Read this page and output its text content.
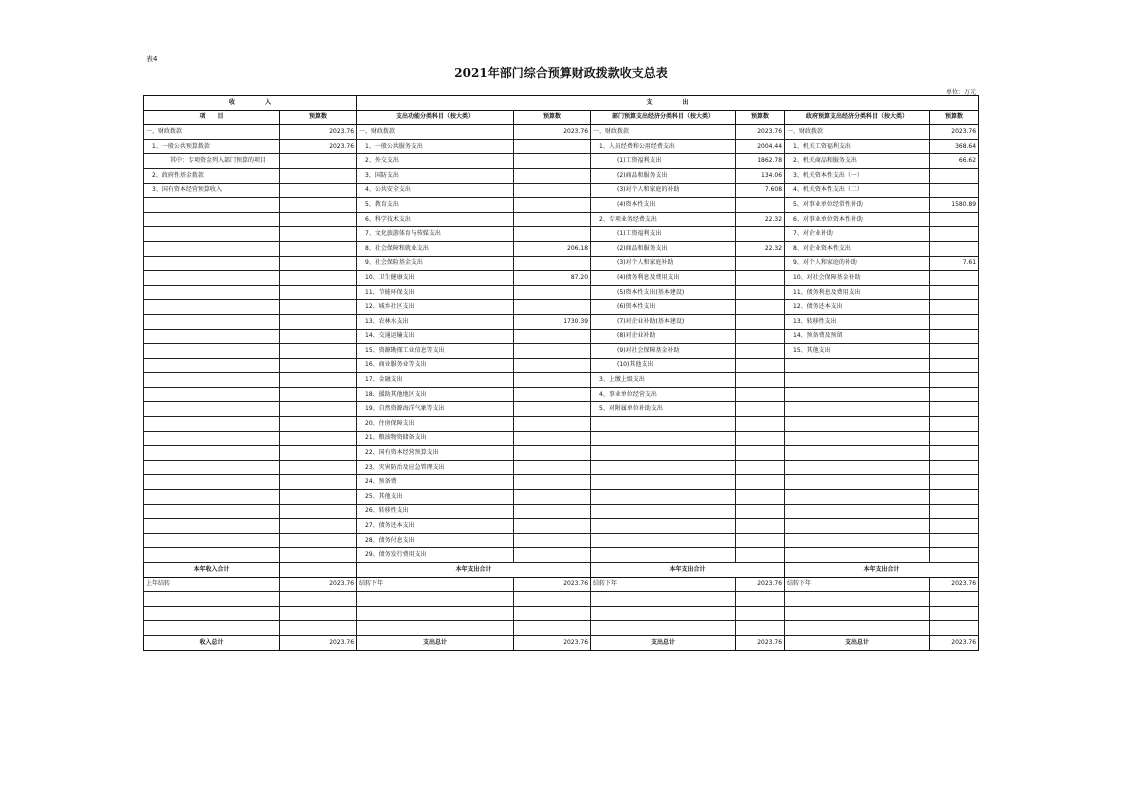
表4
2021年部门综合预算财政拨款收支总表
单位：万元
收　　　　　入		支　　　　　出					
项　　目	预算数	支出功能分类科目（按大类）	预算数	部门预算支出经济分类科目（按大类）	预算数	政府预算支出经济分类科目（按大类）	预算数
一、财政拨款	2023.76	一、财政拨款	2023.76	一、财政拨款	2023.76	一、财政拨款	2023.76
1、一般公共预算拨款	2023.76	1、一般公共服务支出		1、人员经费和公用经费支出	2004.44	1、机关工资福利支出	368.64
其中：专项资金列入部门预算的项目		2、外交支出		(1)工资福利支出	1862.78	2、机关商品和服务支出	66.62
2、政府性基金拨款		3、国防支出		(2)商品和服务支出	134.06	3、机关资本性支出（一）	
3、国有资本经营预算收入		4、公共安全支出		(3)对个人和家庭的补助	7.608	4、机关资本性支出（二）	
		5、教育支出		(4)资本性支出		5、对事业单位经常性补助	1580.89
		6、科学技术支出		2、专项业务经费支出	22.32	6、对事业单位资本性补助	
		7、文化旅游体育与传媒支出		(1)工资福利支出		7、对企业补助	
		8、社会保障和就业支出	206.18	(2)商品和服务支出	22.32	8、对企业资本性支出	
		9、社会保险基金支出		(3)对个人和家庭补助		9、对个人和家庭的补助	7.61
		10、卫生健康支出	87.20	(4)债务利息及费用支出		10、对社会保障基金补助	
		11、节能环保支出		(5)资本性支出(基本建设)		11、债务利息及费用支出	
		12、城乡社区支出		(6)资本性支出		12、债务还本支出	
		13、农林水支出	1730.39	(7)对企业补助(基本建设)		13、转移性支出	
		14、交通运输支出		(8)对企业补助		14、预备费及预留	
		15、资源勘探工业信息等支出		(9)对社会保障基金补助		15、其他支出	
		16、商业服务业等支出		(10)其他支出			
		17、金融支出		3、上缴上级支出			
		18、援助其他地区支出		4、事业单位经营支出			
		19、自然资源海洋气象等支出		5、对附属单位补助支出			
		20、住房保障支出					
		21、粮油物资储备支出					
		22、国有资本经营预算支出					
		23、灾害防治及应急管理支出					
		24、预备费					
		25、其他支出					
		26、转移性支出					
		27、债务还本支出					
		28、债务付息支出					
		29、债务发行费用支出					
本年收入合计		本年支出合计		本年支出合计		本年支出合计	
上年结转	2023.76	结转下年	2023.76	结转下年	2023.76	结转下年	2023.76

收入总计	2023.76	支出总计	2023.76	支出总计	2023.76	支出总计	2023.76
